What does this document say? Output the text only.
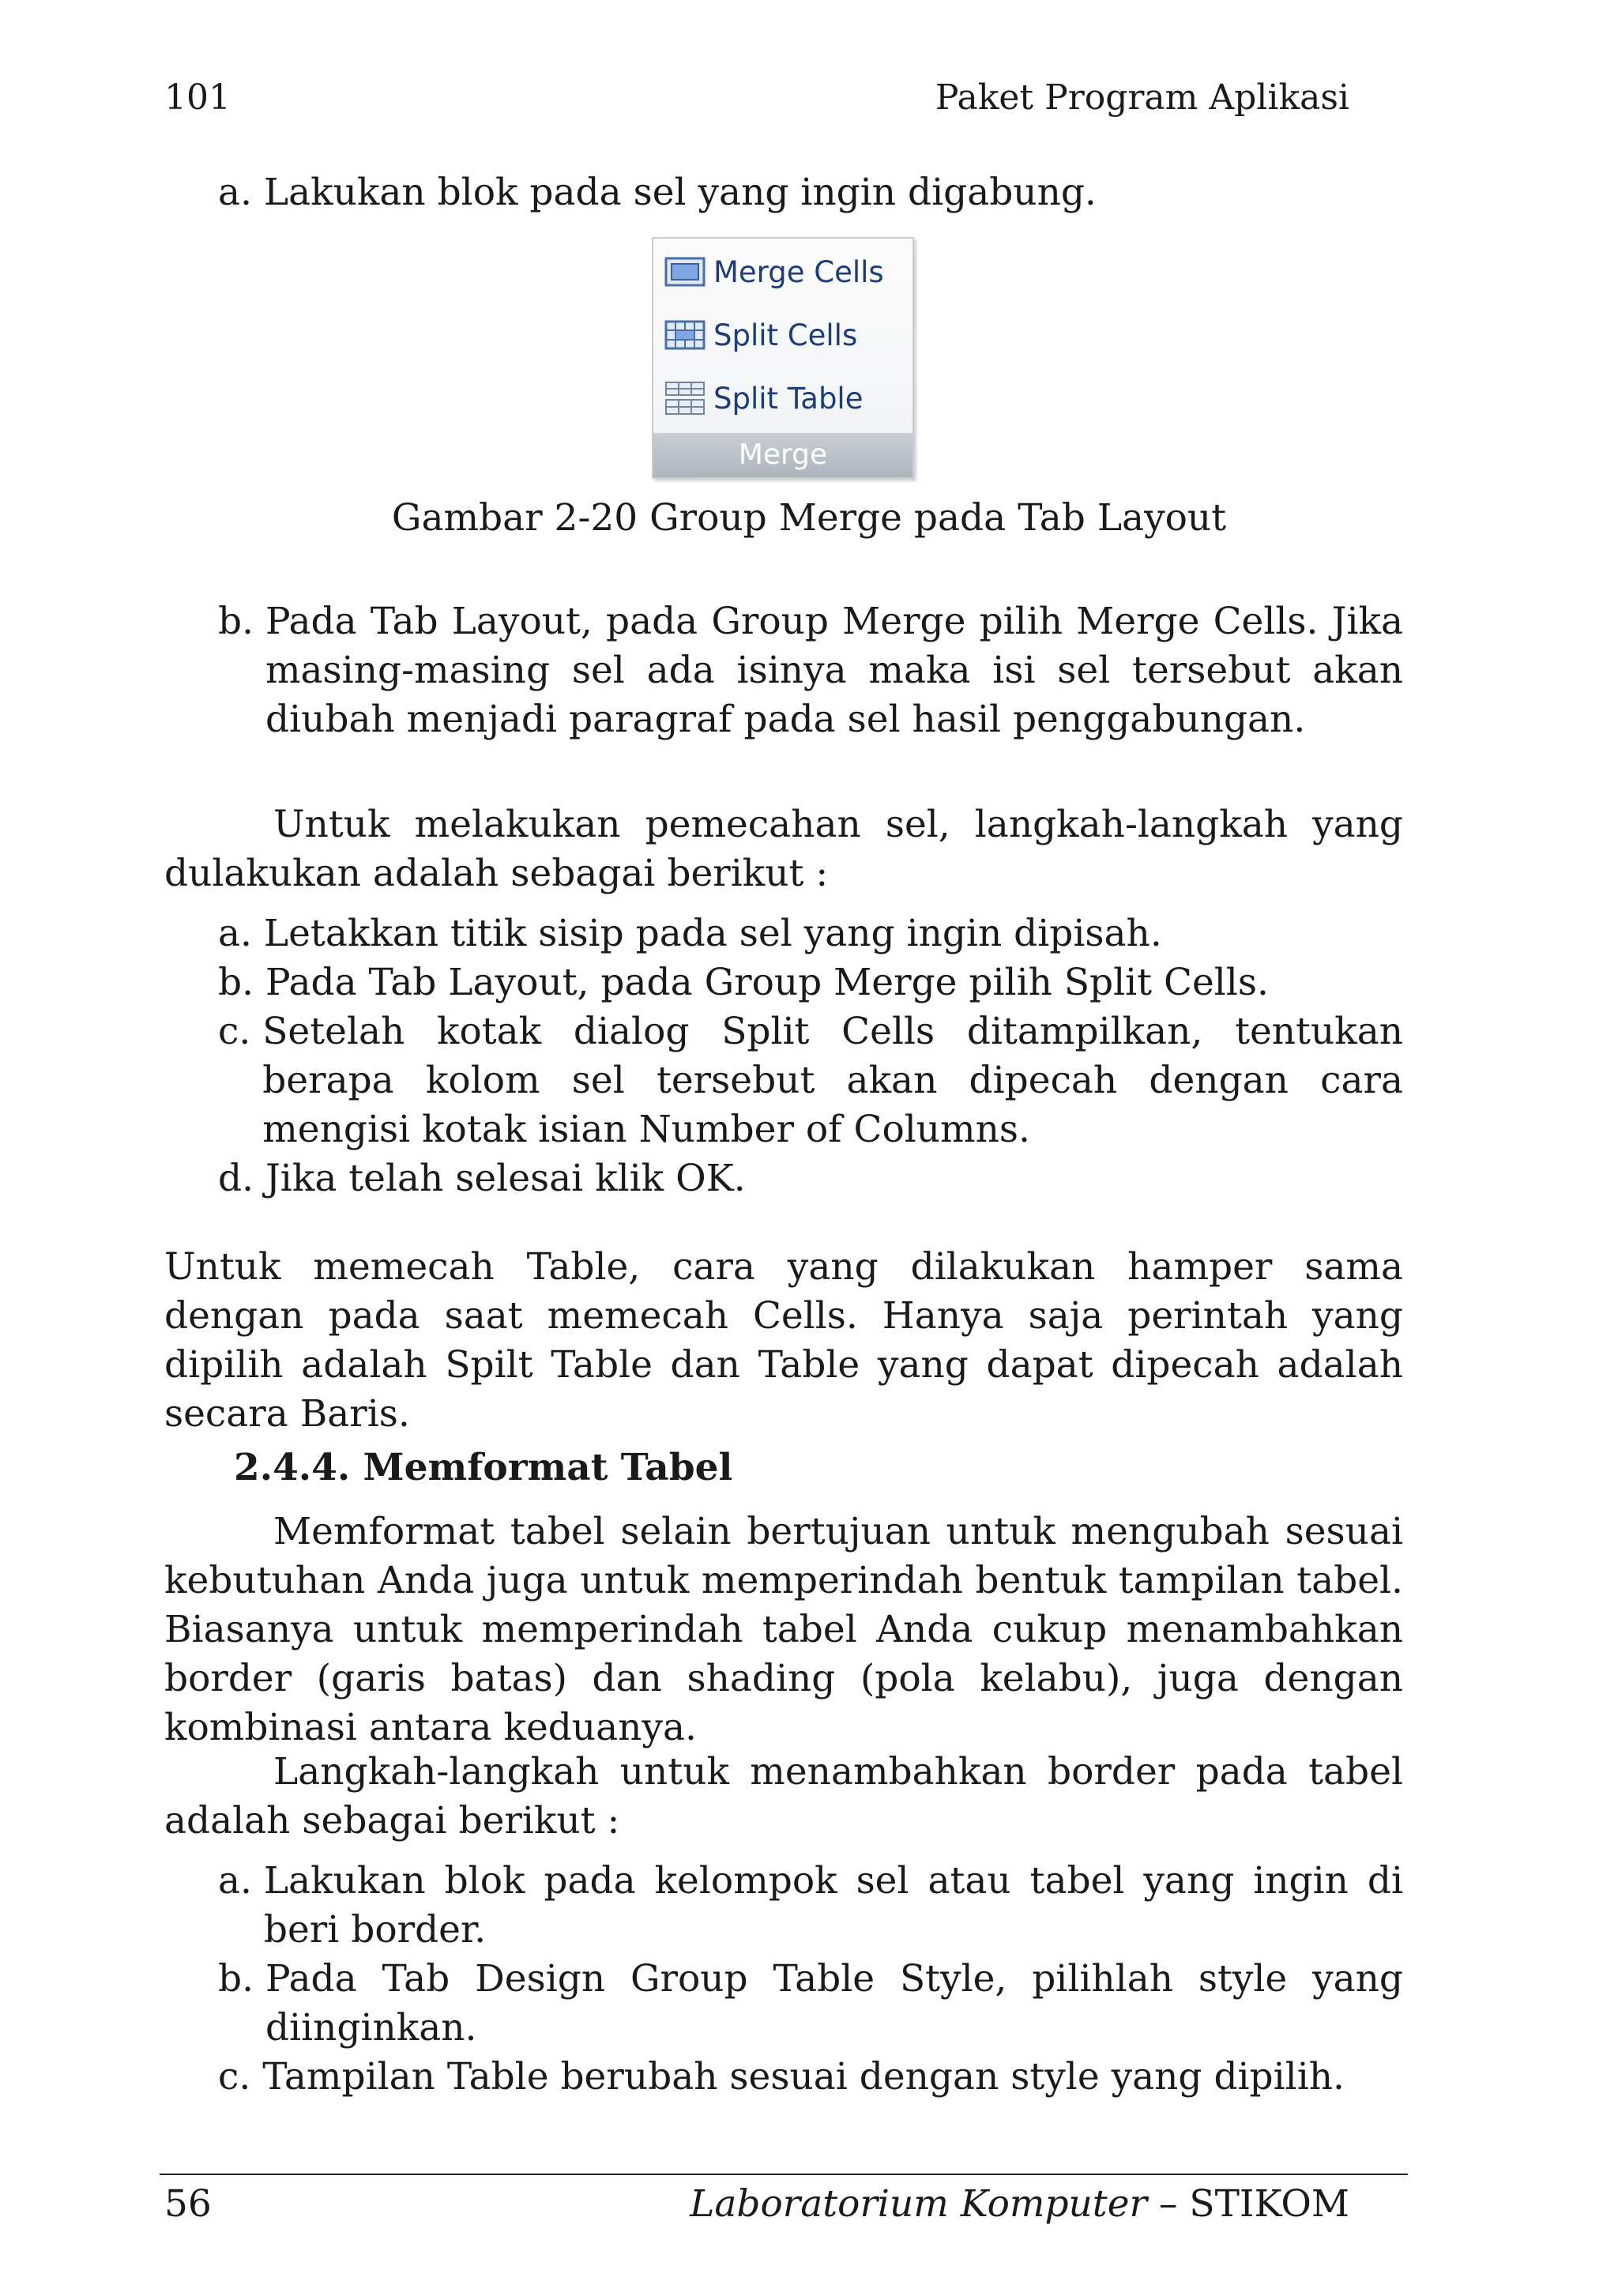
101	Paket Program Aplikasi
a. Lakukan blok pada sel yang ingin digabung.
Merge Cells
Split Cells
Split Table
Merge
Gambar 2-20 Group Merge pada Tab Layout
b. Pada Tab Layout, pada Group Merge pilih Merge Cells. Jika masing-masing sel ada isinya maka isi sel tersebut akan diubah menjadi paragraf pada sel hasil penggabungan.
Untuk melakukan pemecahan sel, langkah-langkah yang dulakukan adalah sebagai berikut :
a. Letakkan titik sisip pada sel yang ingin dipisah.
b. Pada Tab Layout, pada Group Merge pilih Split Cells.
c. Setelah kotak dialog Split Cells ditampilkan, tentukan berapa kolom sel tersebut akan dipecah dengan cara mengisi kotak isian Number of Columns.
d. Jika telah selesai klik OK.
Untuk memecah Table, cara yang dilakukan hamper sama dengan pada saat memecah Cells. Hanya saja perintah yang dipilih adalah Spilt Table dan Table yang dapat dipecah adalah secara Baris.
2.4.4. Memformat Tabel
Memformat tabel selain bertujuan untuk mengubah sesuai kebutuhan Anda juga untuk memperindah bentuk tampilan tabel. Biasanya untuk memperindah tabel Anda cukup menambahkan border (garis batas) dan shading (pola kelabu), juga dengan kombinasi antara keduanya.
Langkah-langkah untuk menambahkan border pada tabel adalah sebagai berikut :
a. Lakukan blok pada kelompok sel atau tabel yang ingin di beri border.
b. Pada Tab Design Group Table Style, pilihlah style yang diinginkan.
c. Tampilan Table berubah sesuai dengan style yang dipilih.
56	Laboratorium Komputer – STIKOM
